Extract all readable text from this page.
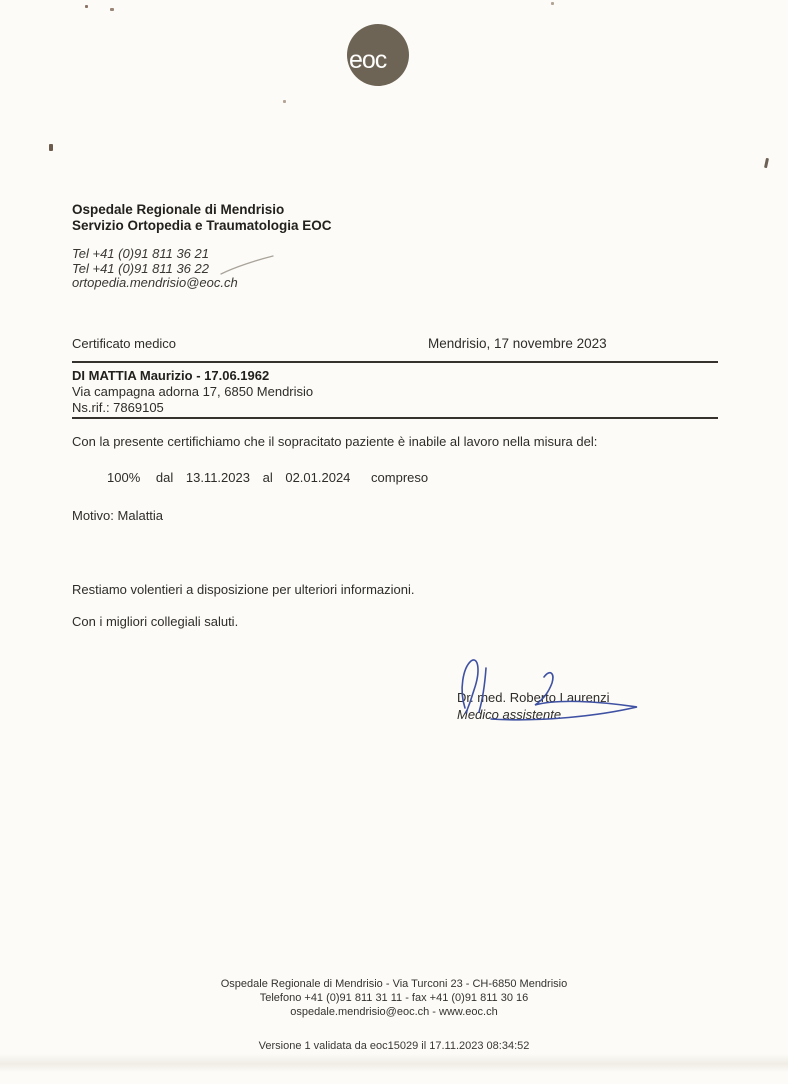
eoc
Ospedale Regionale di Mendrisio
Servizio Ortopedia e Traumatologia EOC
Tel +41 (0)91 811 36 21
Tel +41 (0)91 811 36 22
ortopedia.mendrisio@eoc.ch
Certificato medico	Mendrisio, 17 novembre 2023
DI MATTIA Maurizio - 17.06.1962
Via campagna adorna 17, 6850 Mendrisio
Ns.rif.: 7869105
Con la presente certifichiamo che il sopracitato paziente è inabile al lavoro nella misura del:
100% dal 13.11.2023 al 02.01.2024 compreso
Motivo: Malattia
Restiamo volentieri a disposizione per ulteriori informazioni.
Con i migliori collegiali saluti.
Dr. med. Roberto Laurenzi
Medico assistente
Ospedale Regionale di Mendrisio - Via Turconi 23 - CH-6850 Mendrisio
Telefono +41 (0)91 811 31 11 - fax +41 (0)91 811 30 16
ospedale.mendrisio@eoc.ch - www.eoc.ch
Versione 1 validata da eoc15029 il 17.11.2023 08:34:52
